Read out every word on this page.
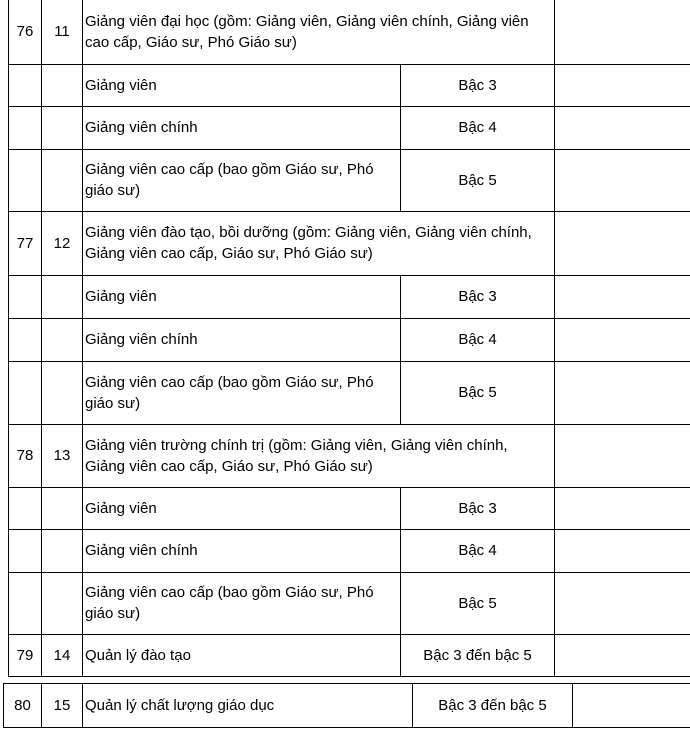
76	11	Giảng viên đại học (gồm: Giảng viên, Giảng viên chính, Giảng viên cao cấp, Giáo sư, Phó Giáo sư)		
		Giảng viên	Bậc 3	
		Giảng viên chính	Bậc 4	
		Giảng viên cao cấp (bao gồm Giáo sư, Phó giáo sư)	Bậc 5	
77	12	Giảng viên đào tạo, bồi dưỡng (gồm: Giảng viên, Giảng viên chính, Giảng viên cao cấp, Giáo sư, Phó Giáo sư)		
		Giảng viên	Bậc 3	
		Giảng viên chính	Bậc 4	
		Giảng viên cao cấp (bao gồm Giáo sư, Phó giáo sư)	Bậc 5	
78	13	Giảng viên trường chính trị (gồm: Giảng viên, Giảng viên chính, Giảng viên cao cấp, Giáo sư, Phó Giáo sư)		
		Giảng viên	Bậc 3	
		Giảng viên chính	Bậc 4	
		Giảng viên cao cấp (bao gồm Giáo sư, Phó giáo sư)	Bậc 5	
79	14	Quản lý đào tạo	Bậc 3 đến bậc 5	
80	15	Quản lý chất lượng giáo dục	Bậc 3 đến bậc 5	
